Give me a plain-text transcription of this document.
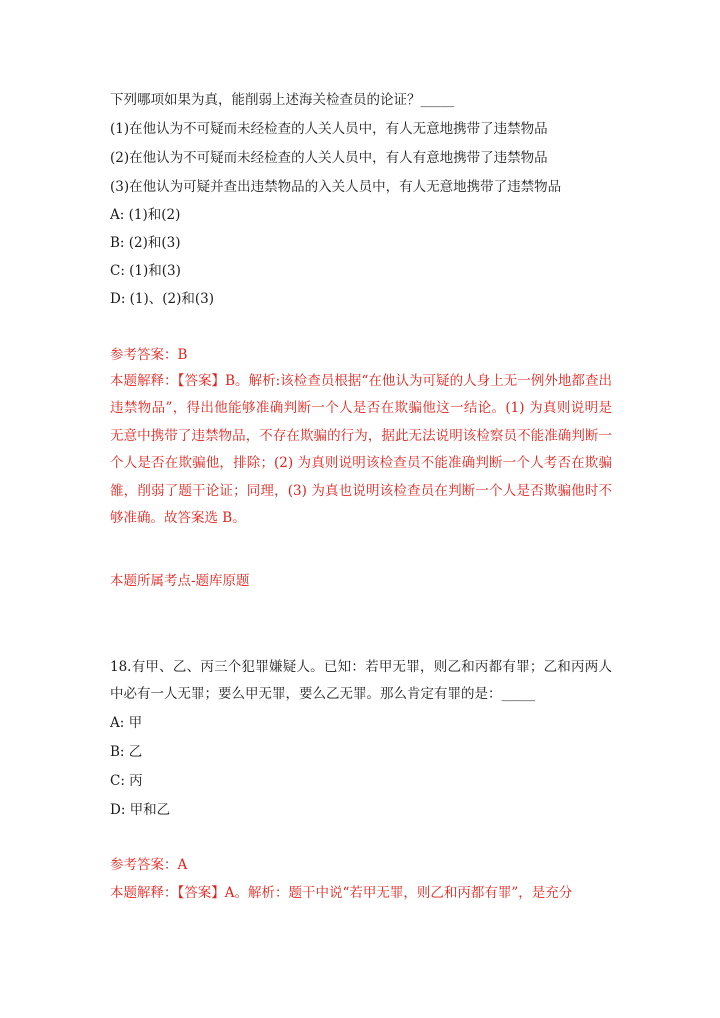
下列哪项如果为真，能削弱上述海关检查员的论证？_____
(1)在他认为不可疑而未经检查的人关人员中，有人无意地携带了违禁物品
(2)在他认为不可疑而未经检查的人关人员中，有人有意地携带了违禁物品
(3)在他认为可疑并查出违禁物品的入关人员中，有人无意地携带了违禁物品
A: (1)和(2)
B: (2)和(3)
C: (1)和(3)
D: (1)、(2)和(3)
参考答案：B
本题解释：【答案】B。解析:该检查员根据“在他认为可疑的人身上无一例外地都查出违禁物品”，得出他能够准确判断一个人是否在欺骗他这一结论。(1) 为真则说明是无意中携带了违禁物品，不存在欺骗的行为，据此无法说明该检察员不能准确判断一个人是否在欺骗他，排除；(2) 为真则说明该检查员不能准确判断一个人考否在欺骗雒，削弱了题干论证；同理，(3) 为真也说明该检查员在判断一个人是否欺骗他时不够准确。故答案选 B。
本题所属考点-题库原题
18.有甲、乙、丙三个犯罪嫌疑人。已知：若甲无罪，则乙和丙都有罪；乙和丙两人中必有一人无罪；要么甲无罪，要么乙无罪。那么肯定有罪的是：_____
A: 甲
B: 乙
C: 丙
D: 甲和乙
参考答案：A
本题解释：【答案】A。解析：题干中说“若甲无罪，则乙和丙都有罪”，是充分
